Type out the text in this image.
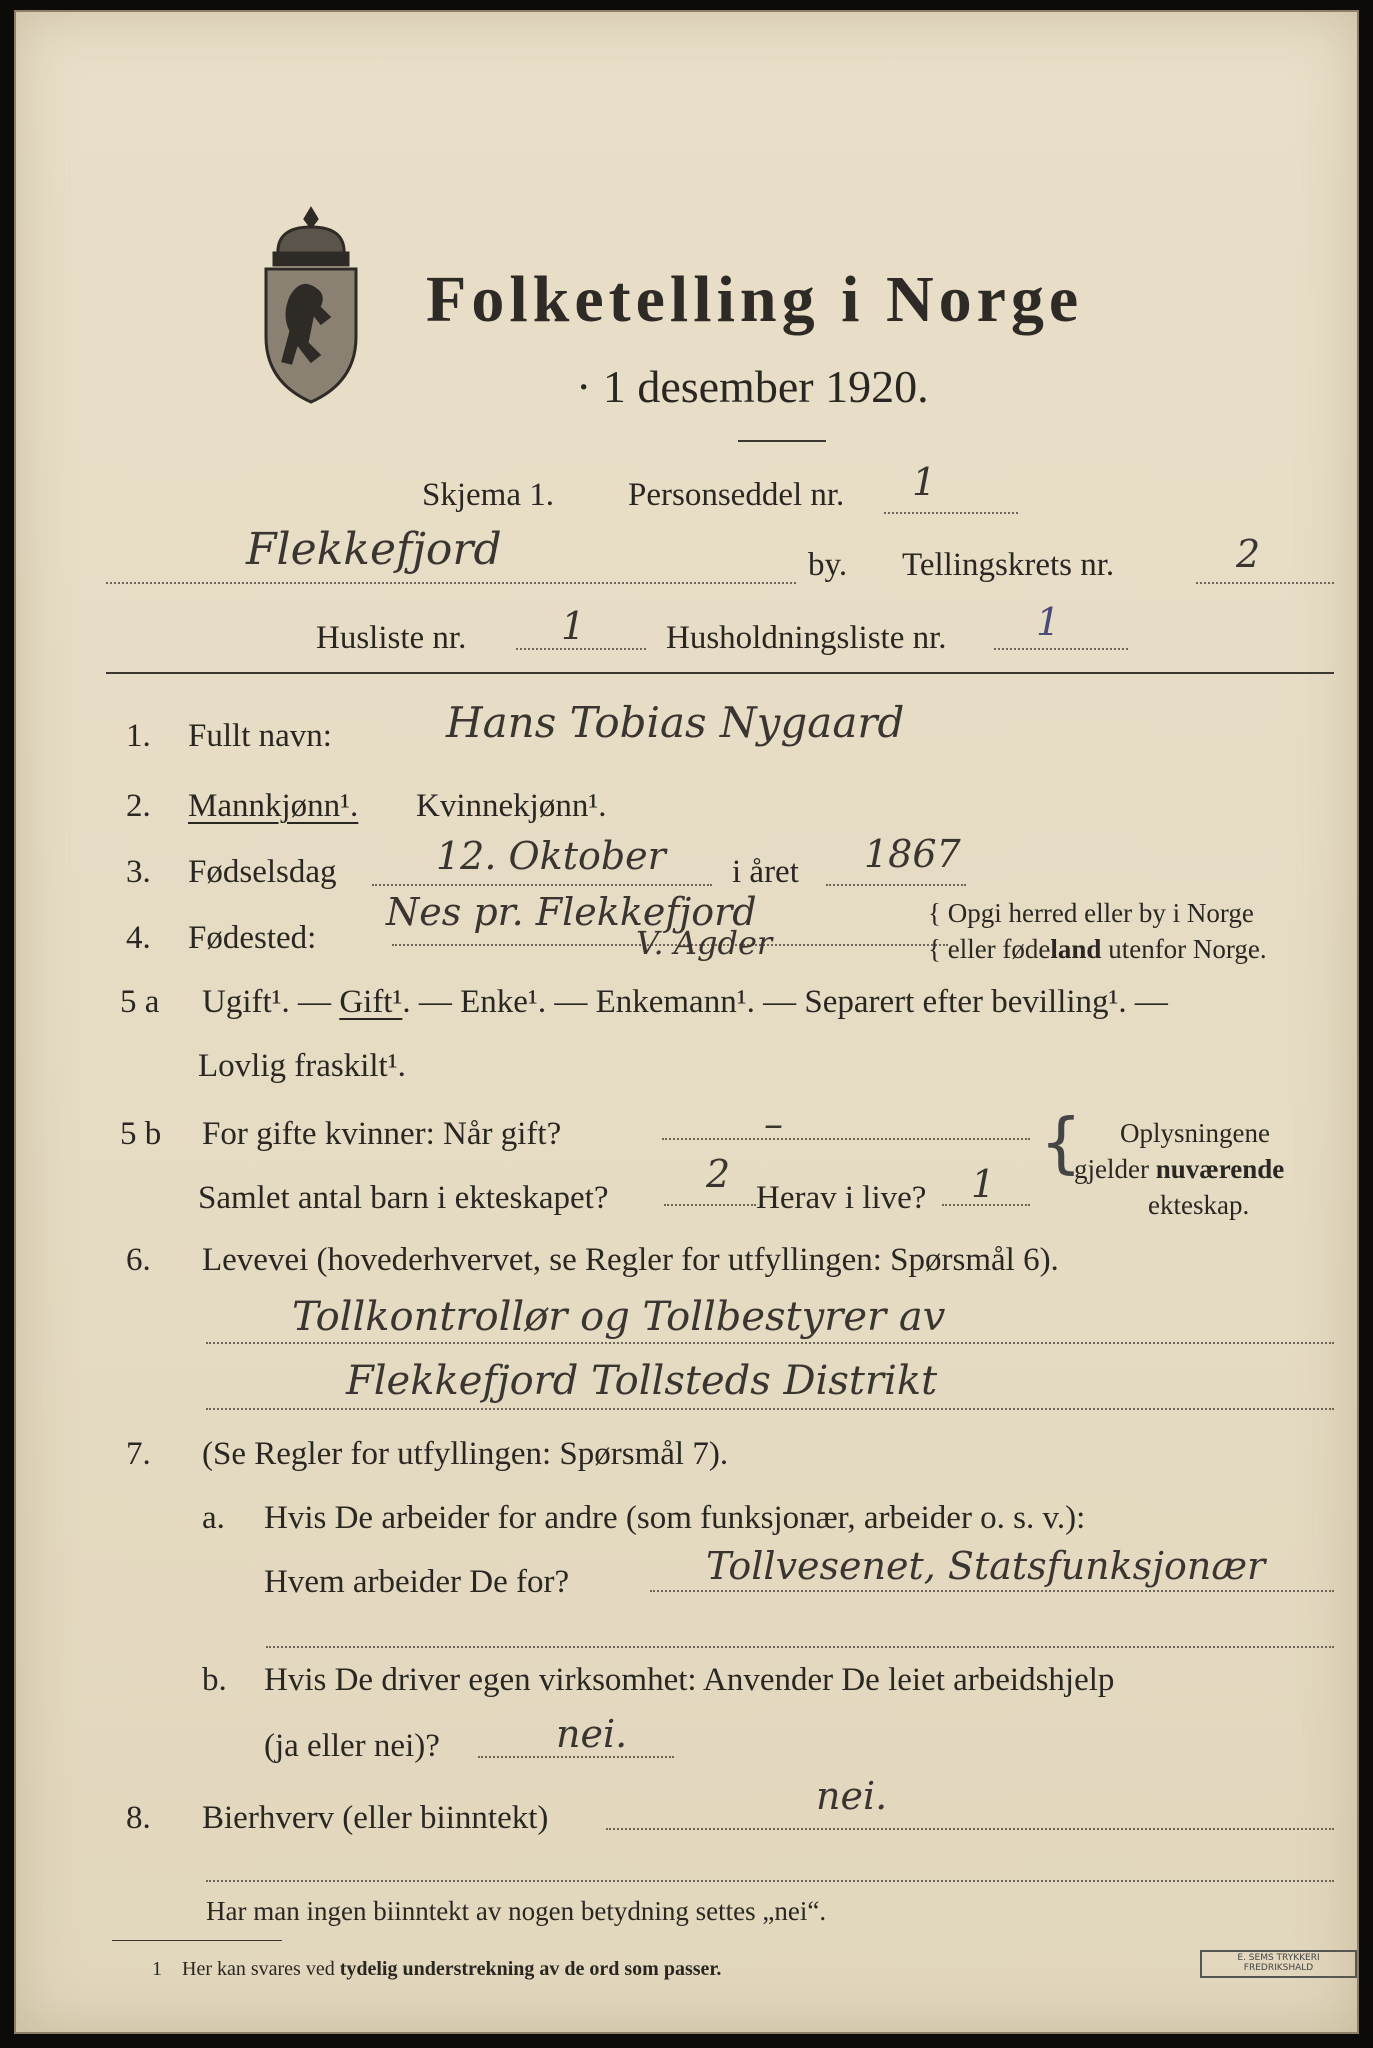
Folketelling i Norge
· 1 desember 1920.
Skjema 1. Personseddel nr. 1
Flekkefjord	by. Tellingskrets nr.	2
Husliste nr. 1 Husholdningsliste nr. 1
1. Fullt navn:	Hans Tobias Nygaard
2. Mannkjønn¹. Kvinnekjønn¹.
3. Fødselsdag	12. Oktober i året 1867
4. Fødested:
Nes pr. Flekkefjord
V. Agder
{ Opgi herred eller by i Norge
{ eller fødeland utenfor Norge.
5 a Ugift¹. — Gift¹. — Enke¹. — Enkemann¹. — Separert efter bevilling¹. —
Lovlig fraskilt¹.
5 b For gifte kvinner: Når gift?	–
Samlet antal barn i ekteskapet?
2
Herav i live? 1
{ Oplysningene
gjelder nuværende
ekteskap.
6. Levevei (hovederhvervet, se Regler for utfyllingen: Spørsmål 6).
Tollkontrollør og Tollbestyrer av
Flekkefjord Tollsteds Distrikt
7. (Se Regler for utfyllingen: Spørsmål 7).
a. Hvis De arbeider for andre (som funksjonær, arbeider o. s. v.):
Hvem arbeider De for?	Tollvesenet, Statsfunksjonær
b. Hvis De driver egen virksomhet: Anvender De leiet arbeidshjelp
(ja eller nei)?	nei.
8. Bierhverv (eller biinntekt)	nei.
Har man ingen biinntekt av nogen betydning settes „nei“.
1 Her kan svares ved tydelig understrekning av de ord som passer.	E. SEMS TRYKKERI FREDRIKSHALD
